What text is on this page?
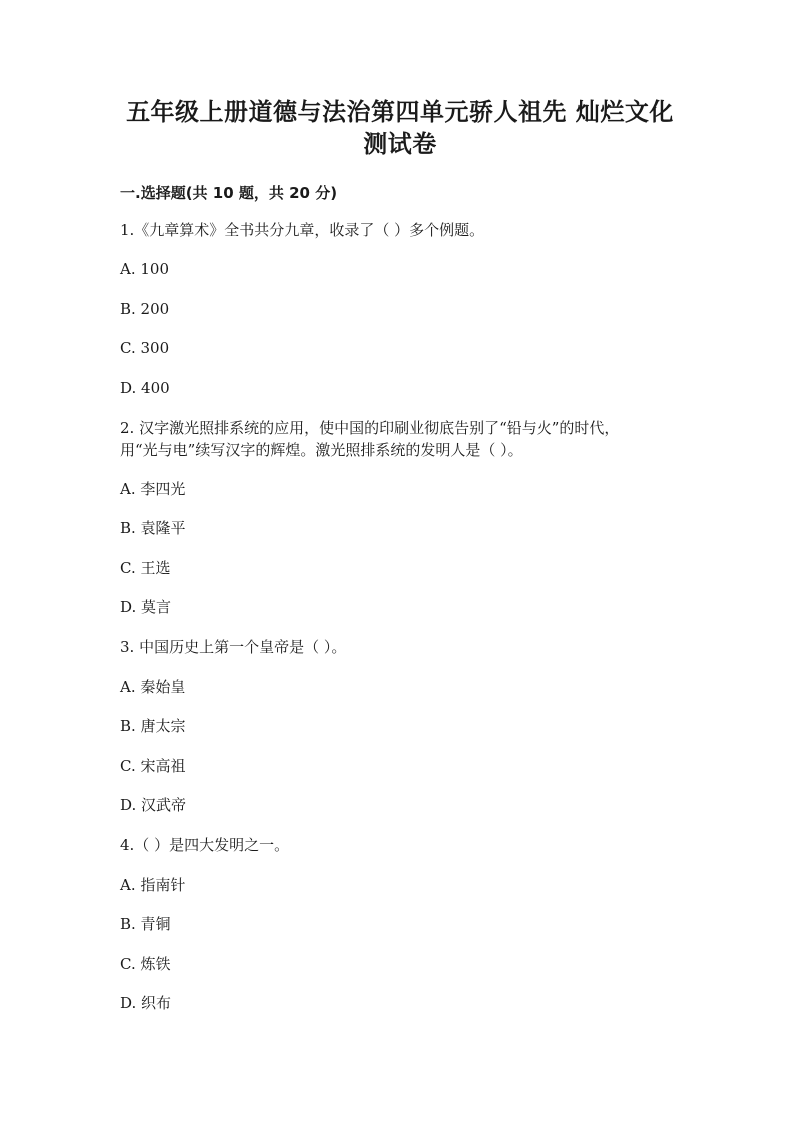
五年级上册道德与法治第四单元骄人祖先 灿烂文化
测试卷
一.选择题(共 10 题，共 20 分)
1.《九章算术》全书共分九章，收录了（ ）多个例题。
A. 100
B. 200
C. 300
D. 400
2. 汉字激光照排系统的应用，使中国的印刷业彻底告别了“铅与火”的时代，
用“光与电”续写汉字的辉煌。激光照排系统的发明人是（ ）。
A. 李四光
B. 袁隆平
C. 王选
D. 莫言
3. 中国历史上第一个皇帝是（ ）。
A. 秦始皇
B. 唐太宗
C. 宋高祖
D. 汉武帝
4.（ ）是四大发明之一。
A. 指南针
B. 青铜
C. 炼铁
D. 织布
